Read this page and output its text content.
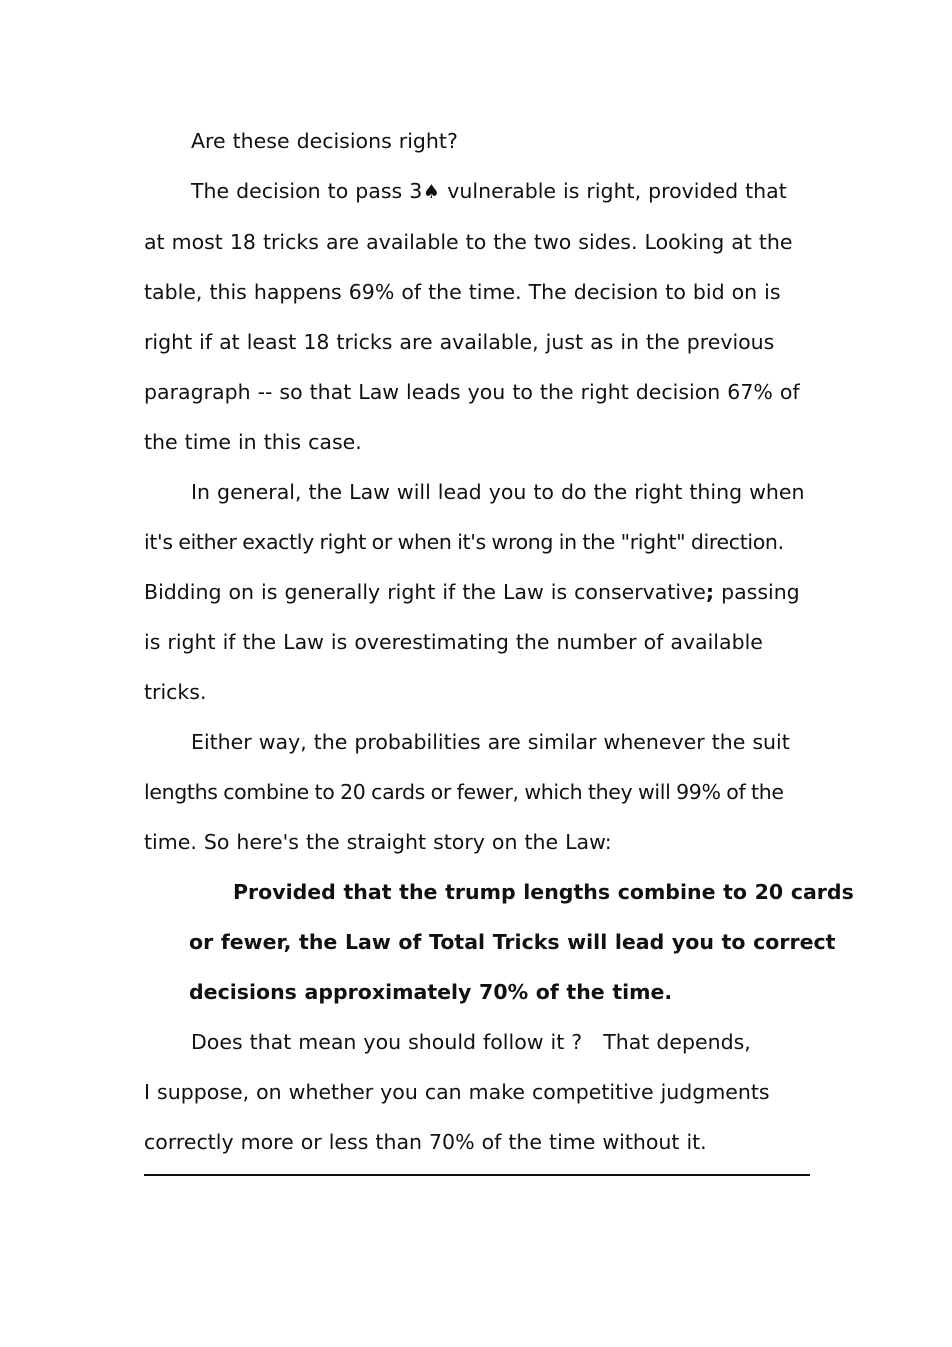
Are these decisions right?

The decision to pass 3♠ vulnerable is right, provided that
at most 18 tricks are available to the two sides. Looking at the
table, this happens 69% of the time. The decision to bid on is
right if at least 18 tricks are available, just as in the previous
paragraph -- so that Law leads you to the right decision 67% of
the time in this case.

In general, the Law will lead you to do the right thing when
it's either exactly right or when it's wrong in the "right" direction.
Bidding on is generally right if the Law is conservative; passing
is right if the Law is overestimating the number of available
tricks.

Either way, the probabilities are similar whenever the suit
lengths combine to 20 cards or fewer, which they will 99% of the
time. So here's the straight story on the Law:

Provided that the trump lengths combine to 20 cards
or fewer, the Law of Total Tricks will lead you to correct
decisions approximately 70% of the time.

Does that mean you should follow it ?   That depends,
I suppose, on whether you can make competitive judgments
correctly more or less than 70% of the time without it.
